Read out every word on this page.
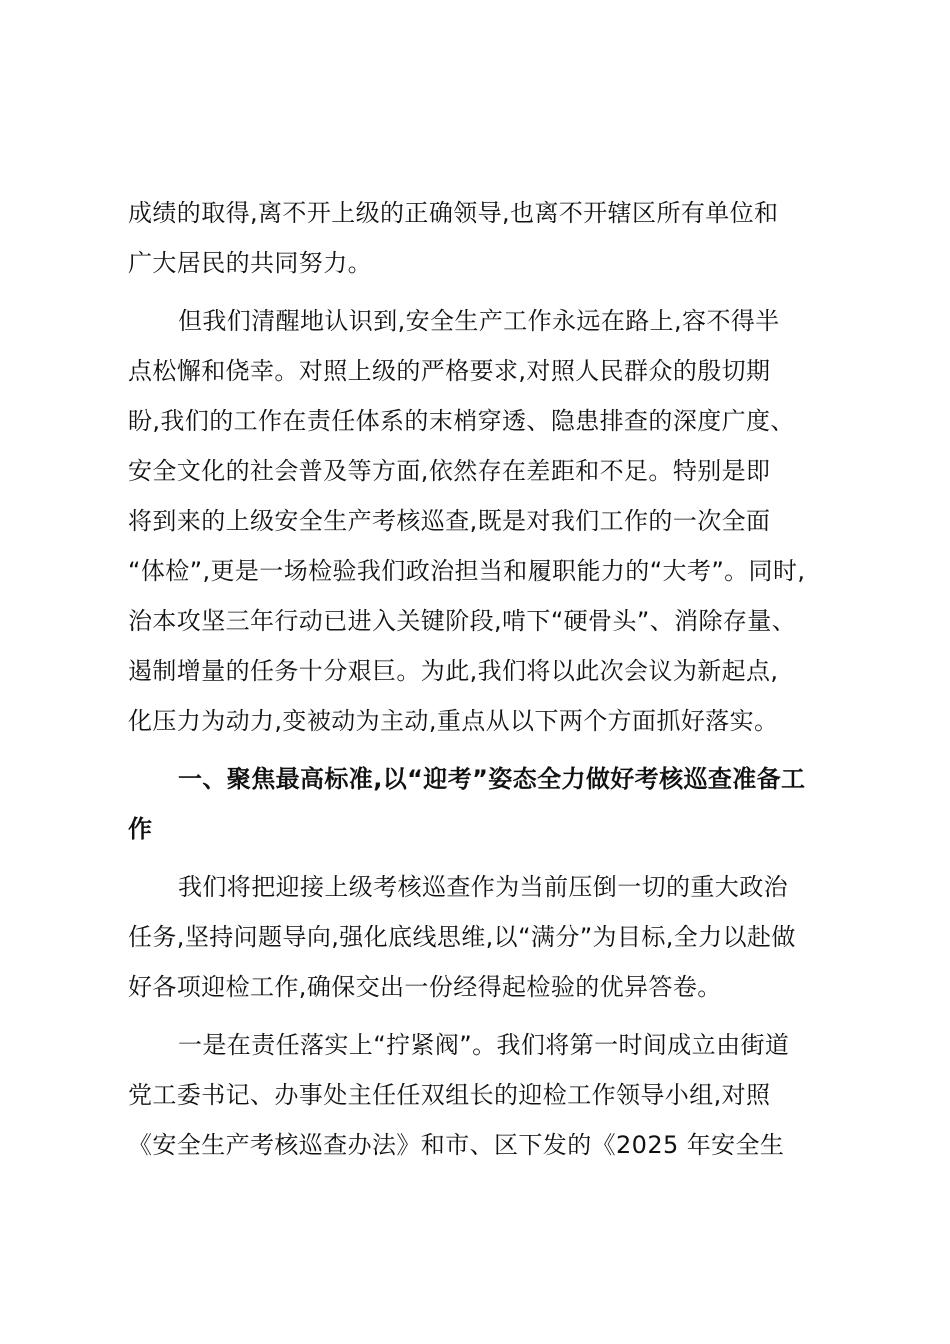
成绩的取得,离不开上级的正确领导,也离不开辖区所有单位和
广大居民的共同努力。
但我们清醒地认识到,安全生产工作永远在路上,容不得半
点松懈和侥幸。对照上级的严格要求,对照人民群众的殷切期
盼,我们的工作在责任体系的末梢穿透、隐患排查的深度广度、
安全文化的社会普及等方面,依然存在差距和不足。特别是即
将到来的上级安全生产考核巡查,既是对我们工作的一次全面
“体检”,更是一场检验我们政治担当和履职能力的“大考”。同时,
治本攻坚三年行动已进入关键阶段,啃下“硬骨头”、消除存量、
遏制增量的任务十分艰巨。为此,我们将以此次会议为新起点,
化压力为动力,变被动为主动,重点从以下两个方面抓好落实。
一、聚焦最高标准,以“迎考”姿态全力做好考核巡查准备工
作
我们将把迎接上级考核巡查作为当前压倒一切的重大政治
任务,坚持问题导向,强化底线思维,以“满分”为目标,全力以赴做
好各项迎检工作,确保交出一份经得起检验的优异答卷。
一是在责任落实上“拧紧阀”。我们将第一时间成立由街道
党工委书记、办事处主任任双组长的迎检工作领导小组,对照
《安全生产考核巡查办法》和市、区下发的《2025 年安全生
